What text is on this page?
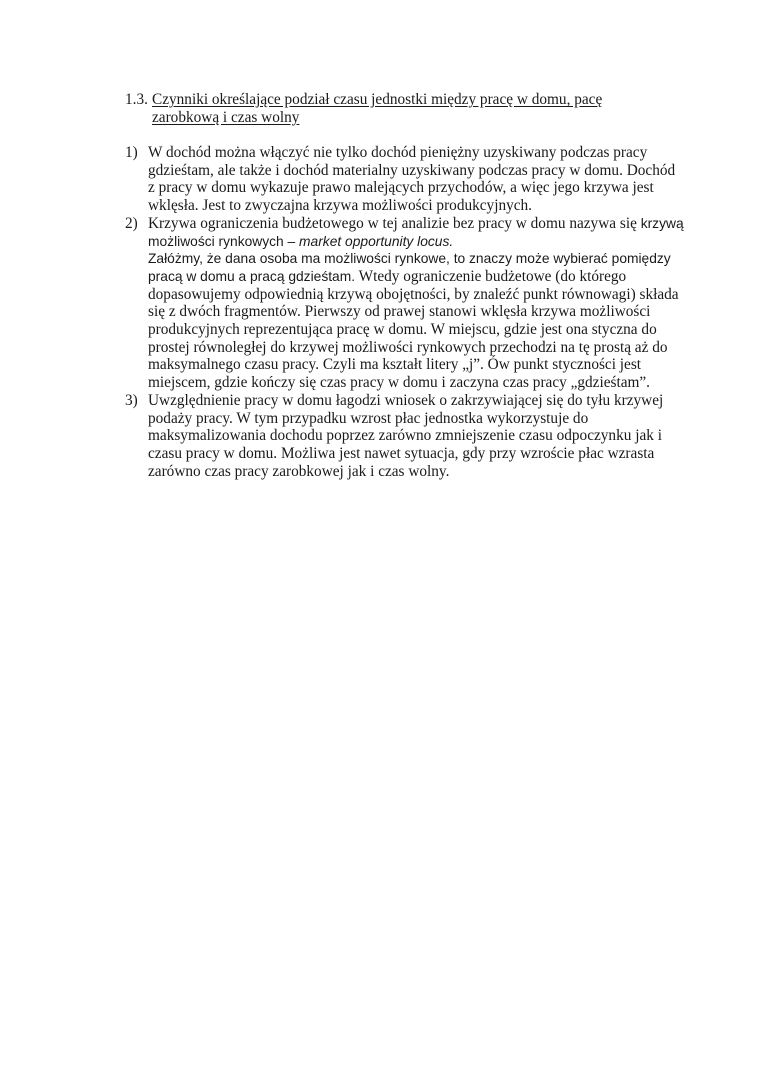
1.3. Czynniki określające podział czasu jednostki między pracę w domu, pacę
zarobkową i czas wolny
1) W dochód można włączyć nie tylko dochód pieniężny uzyskiwany podczas pracy gdzieśtam, ale także i dochód materialny uzyskiwany podczas pracy w domu. Dochód z pracy w domu wykazuje prawo malejących przychodów, a więc jego krzywa jest wklęsła. Jest to zwyczajna krzywa możliwości produkcyjnych.

2) Krzywa ograniczenia budżetowego w tej analizie bez pracy w domu nazywa się krzywą możliwości rynkowych – market opportunity locus.

Załóżmy, że dana osoba ma możliwości rynkowe, to znaczy może wybierać pomiędzy pracą w domu a pracą gdzieśtam. Wtedy ograniczenie budżetowe (do którego dopasowujemy odpowiednią krzywą obojętności, by znaleźć punkt równowagi) składa się z dwóch fragmentów. Pierwszy od prawej stanowi wklęsła krzywa możliwości produkcyjnych reprezentująca pracę w domu. W miejscu, gdzie jest ona styczna do prostej równoległej do krzywej możliwości rynkowych przechodzi na tę prostą aż do maksymalnego czasu pracy. Czyli ma kształt litery „j”. Ów punkt styczności jest miejscem, gdzie kończy się czas pracy w domu i zaczyna czas pracy „gdzieśtam”.

3) Uwzględnienie pracy w domu łagodzi wniosek o zakrzywiającej się do tyłu krzywej podaży pracy. W tym przypadku wzrost płac jednostka wykorzystuje do maksymalizowania dochodu poprzez zarówno zmniejszenie czasu odpoczynku jak i czasu pracy w domu. Możliwa jest nawet sytuacja, gdy przy wzroście płac wzrasta zarówno czas pracy zarobkowej jak i czas wolny.
